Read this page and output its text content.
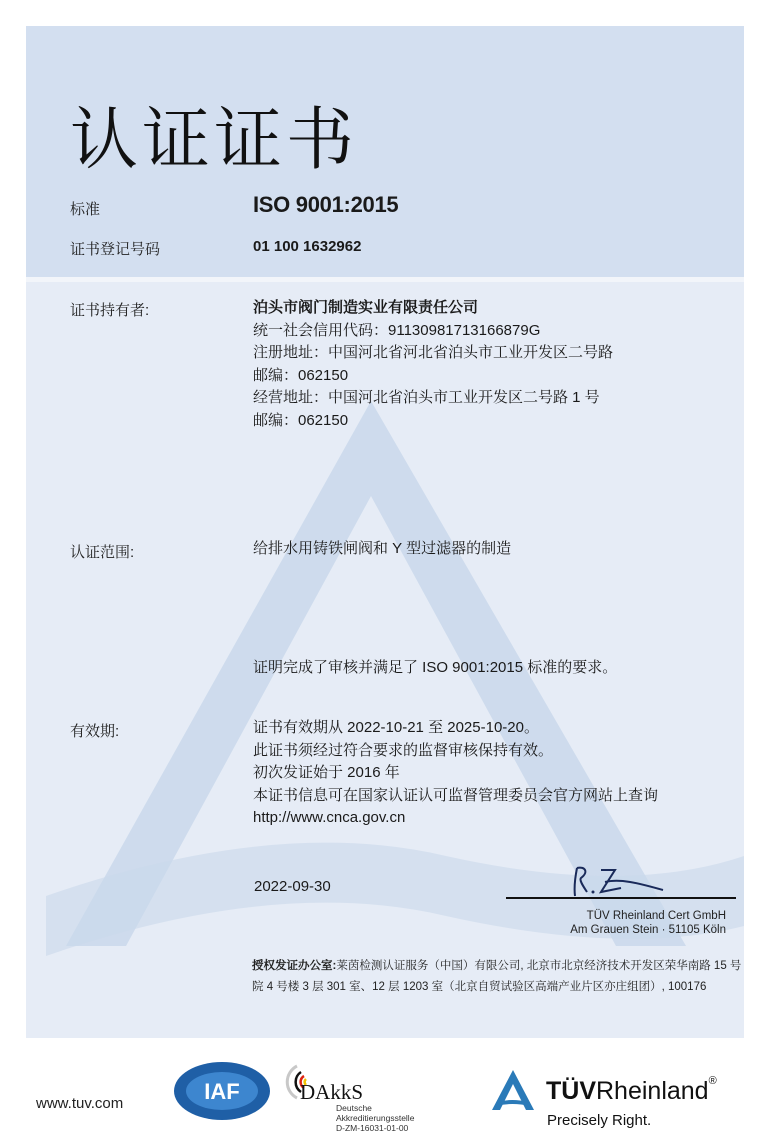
认证证书
标准	ISO 9001:2015
证书登记号码	01 100 1632962
证书持有者:	泊头市阀门制造实业有限责任公司
统一社会信用代码：91130981713166879G
注册地址：中国河北省河北省泊头市工业开发区二号路
邮编：062150
经营地址：中国河北省泊头市工业开发区二号路 1 号
邮编：062150
认证范围:	给排水用铸铁闸阀和 Y 型过滤器的制造
证明完成了审核并满足了 ISO 9001:2015 标准的要求。
有效期:	证书有效期从 2022-10-21 至 2025-10-20。
此证书须经过符合要求的监督审核保持有效。
初次发证始于 2016 年
本证书信息可在国家认证认可监督管理委员会官方网站上查询
http://www.cnca.gov.cn
2022-09-30
TÜV Rheinland Cert GmbH
Am Grauen Stein · 51105 Köln
授权发证办公室:莱茵检测认证服务（中国）有限公司, 北京市北京经济技术开发区荣华南路 15 号院 4 号楼 3 层 301 室、12 层 1203 室（北京自贸试验区高端产业片区亦庄组团）, 100176
www.tuv.com	IAF	DAkkS
Deutsche
Akkreditierungsstelle
D-ZM-16031-01-00
TÜVRheinland®
Precisely Right.
